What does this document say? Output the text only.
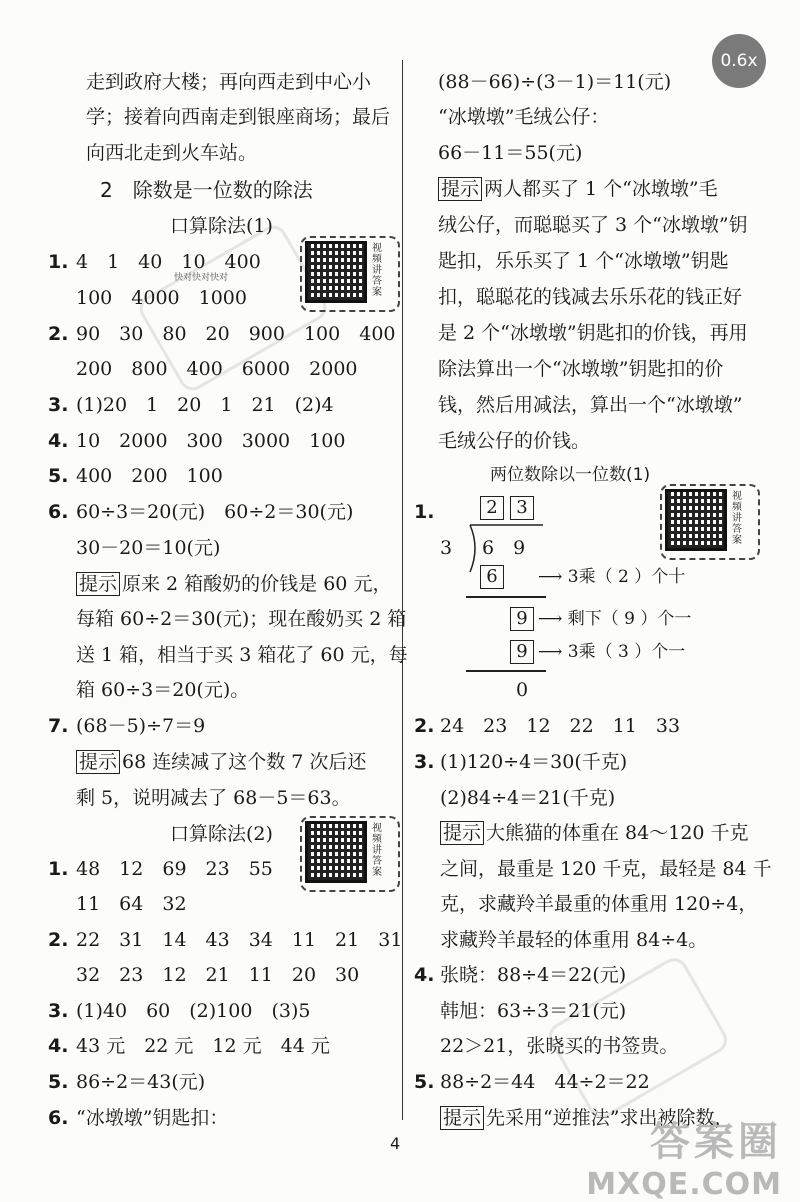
0.6x
走到政府大楼；再向西走到中心小
学；接着向西南走到银座商场；最后
向西北走到火车站。
2　除数是一位数的除法
口算除法(1)
视频讲答案
1. 4　1　40　10　400
快对快对快对
100　4000　1000
2. 90　30　80　20　900　100　400
200　800　400　6000　2000
3. (1)20　1　20　1　21　(2)4
4. 10　2000　300　3000　100
5. 400　200　100
6. 60÷3＝20(元)　60÷2＝30(元)
30－20＝10(元)
提示 原来 2 箱酸奶的价钱是 60 元，
每箱 60÷2＝30(元)；现在酸奶买 2 箱
送 1 箱，相当于买 3 箱花了 60 元，每
箱 60÷3＝20(元)。
7. (68－5)÷7＝9
提示 68 连续减了这个数 7 次后还
剩 5，说明减去了 68－5＝63。
口算除法(2)	视频讲答案
1. 48　12　69　23　55
11　64　32
2. 22　31　14　43　34　11　21　31
32　23　12　21　11　20　30
3. (1)40　60　(2)100　(3)5
4. 43 元　22 元　12 元　44 元
5. 86÷2＝43(元)
6. “冰墩墩”钥匙扣：
(88－66)÷(3－1)＝11(元)
“冰墩墩”毛绒公仔：
66－11＝55(元)
提示 两人都买了 1 个“冰墩墩”毛
绒公仔，而聪聪买了 3 个“冰墩墩”钥
匙扣，乐乐买了 1 个“冰墩墩”钥匙
扣，聪聪花的钱减去乐乐花的钱正好
是 2 个“冰墩墩”钥匙扣的价钱，再用
除法算出一个“冰墩墩”钥匙扣的价
钱，然后用减法，算出一个“冰墩墩”
毛绒公仔的价钱。
两位数除以一位数(1)
视频讲答案
1.	2	3
3 6　9
6	⟶ 3乘（ 2 ）个十
9 ⟶ 剩下（ 9 ）个一
9 ⟶ 3乘（ 3 ）个一
0
2. 24　23　12　22　11　33
3. (1)120÷4＝30(千克)
(2)84÷4＝21(千克)
提示 大熊猫的体重在 84～120 千克
之间，最重是 120 千克，最轻是 84 千
克，求藏羚羊最重的体重用 120÷4，
求藏羚羊最轻的体重用 84÷4。
4. 张晓：88÷4＝22(元)
韩旭：63÷3＝21(元)
22＞21，张晓买的书签贵。
5. 88÷2＝44　44÷2＝22
提示 先采用“逆推法”求出被除数，
4	答案圈
MXQE.COM
